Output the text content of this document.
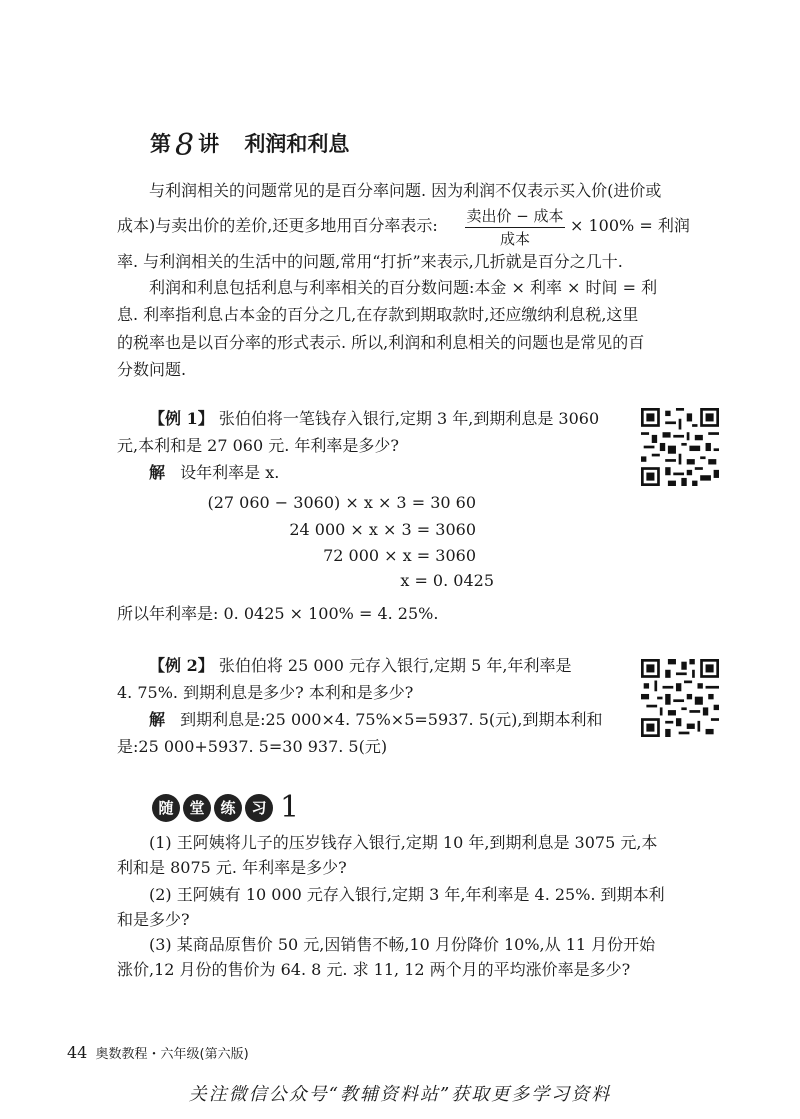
第 8 讲 利润和利息
与利润相关的问题常见的是百分率问题. 因为利润不仅表示买入价(进价或
成本)与卖出价的差价,还更多地用百分率表示: 卖出价 − 成本
成本
× 100% = 利润
率. 与利润相关的生活中的问题,常用“打折”来表示,几折就是百分之几十.
利润和利息包括利息与利率相关的百分数问题:本金 × 利率 × 时间 = 利
息. 利率指利息占本金的百分之几,在存款到期取款时,还应缴纳利息税,这里
的税率也是以百分率的形式表示. 所以,利润和利息相关的问题也是常见的百
分数问题.
【例 1】 张伯伯将一笔钱存入银行,定期 3 年,到期利息是 3060
元,本利和是 27 060 元. 年利率是多少?
解 设年利率是 x.
(27 060 − 3060) × x × 3 = 30 60
24 000 × x × 3 = 3060
72 000 × x = 3060
x = 0. 0425
所以年利率是: 0. 0425 × 100% = 4. 25%.
【例 2】 张伯伯将 25 000 元存入银行,定期 5 年,年利率是
4. 75%. 到期利息是多少? 本利和是多少?
解 到期利息是:25 000×4. 75%×5=5937. 5(元),到期本利和
是:25 000+5937. 5=30 937. 5(元)
随	堂	练	习 1
(1) 王阿姨将儿子的压岁钱存入银行,定期 10 年,到期利息是 3075 元,本
利和是 8075 元. 年利率是多少?
(2) 王阿姨有 10 000 元存入银行,定期 3 年,年利率是 4. 25%. 到期本利
和是多少?
(3) 某商品原售价 50 元,因销售不畅,10 月份降价 10%,从 11 月份开始
涨价,12 月份的售价为 64. 8 元. 求 11, 12 两个月的平均涨价率是多少?
44 奥数教程・六年级(第六版)
关注微信公众号“教辅资料站”获取更多学习资料
